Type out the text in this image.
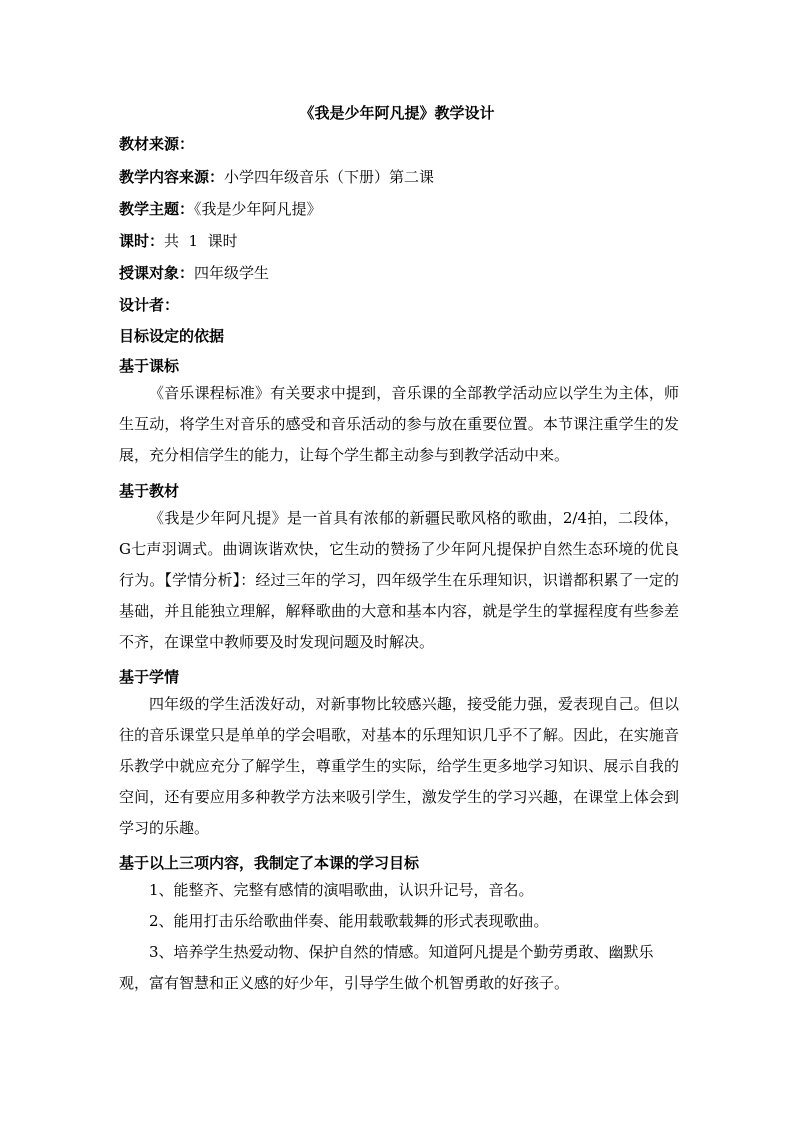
《我是少年阿凡提》教学设计
教材来源：
教学内容来源：小学四年级音乐（下册）第二课
教学主题：《我是少年阿凡提》
课时：共  1  课时
授课对象：四年级学生
设计者：
目标设定的依据
基于课标
《音乐课程标准》有关要求中提到，音乐课的全部教学活动应以学生为主体，师生互动，将学生对音乐的感受和音乐活动的参与放在重要位置。本节课注重学生的发展，充分相信学生的能力，让每个学生都主动参与到教学活动中来。
基于教材
《我是少年阿凡提》是一首具有浓郁的新疆民歌风格的歌曲，2/4拍，二段体，G七声羽调式。曲调诙谐欢快，它生动的赞扬了少年阿凡提保护自然生态环境的优良行为。【学情分析】：经过三年的学习，四年级学生在乐理知识，识谱都积累了一定的基础，并且能独立理解，解释歌曲的大意和基本内容，就是学生的掌握程度有些参差不齐，在课堂中教师要及时发现问题及时解决。
基于学情
四年级的学生活泼好动，对新事物比较感兴趣，接受能力强，爱表现自己。但以往的音乐课堂只是单单的学会唱歌，对基本的乐理知识几乎不了解。因此，在实施音乐教学中就应充分了解学生，尊重学生的实际，给学生更多地学习知识、展示自我的空间，还有要应用多种教学方法来吸引学生，激发学生的学习兴趣，在课堂上体会到学习的乐趣。
基于以上三项内容，我制定了本课的学习目标
1、能整齐、完整有感情的演唱歌曲，认识升记号，音名。
2、能用打击乐给歌曲伴奏、能用载歌载舞的形式表现歌曲。
3、培养学生热爱动物、保护自然的情感。知道阿凡提是个勤劳勇敢、幽默乐观，富有智慧和正义感的好少年，引导学生做个机智勇敢的好孩子。
